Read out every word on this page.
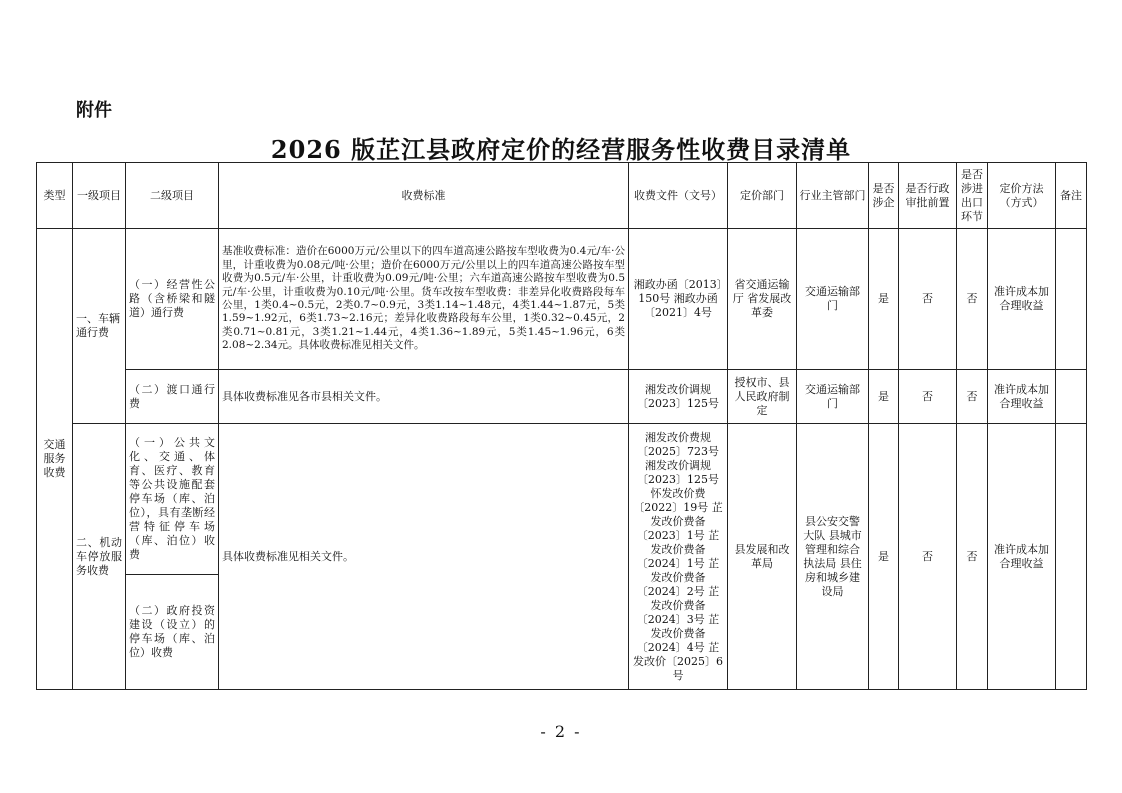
附件
2026 版芷江县政府定价的经营服务性收费目录清单
类型	一级项目	二级项目	收费标准	收费文件（文号）	定价部门	行业主管部门	是否涉企	是否行政审批前置	是否涉进出口环节	定价方法（方式）	备注
交通服务收费	一、车辆通行费	（一）经营性公路（含桥梁和隧道）通行费	基准收费标准：造价在6000万元/公里以下的四车道高速公路按车型收费为0.4元/车·公里，计重收费为0.08元/吨·公里；造价在6000万元/公里以上的四车道高速公路按车型收费为0.5元/车·公里，计重收费为0.09元/吨·公里；六车道高速公路按车型收费为0.5元/车·公里，计重收费为0.10元/吨·公里。货车改按车型收费：非差异化收费路段每车公里，1类0.4~0.5元，2类0.7~0.9元，3类1.14~1.48元，4类1.44~1.87元，5类1.59~1.92元，6类1.73~2.16元；差异化收费路段每车公里，1类0.32~0.45元，2类0.71~0.81元，3类1.21~1.44元，4类1.36~1.89元，5类1.45~1.96元，6类2.08~2.34元。具体收费标准见相关文件。	湘政办函〔2013〕150号 湘政办函〔2021〕4号	省交通运输厅 省发展改革委	交通运输部门	是	否	否	准许成本加合理收益	
		（二）渡口通行费	具体收费标准见各市县相关文件。	湘发改价调规〔2023〕125号	授权市、县人民政府制定	交通运输部门	是	否	否	准许成本加合理收益	
	二、机动车停放服务收费	（一）公共文化、交通、体育、医疗、教育等公共设施配套停车场（库、泊位），具有垄断经营特征停车场（库、泊位）收费	具体收费标准见相关文件。	湘发改价费规〔2025〕723号 湘发改价调规〔2023〕125号 怀发改价费〔2022〕19号 芷发改价费备〔2023〕1号 芷发改价费备〔2024〕1号 芷发改价费备〔2024〕2号 芷发改价费备〔2024〕3号 芷发改价费备〔2024〕4号 芷发改价〔2025〕6号	县发展和改革局	县公安交警大队 县城市管理和综合执法局 县住房和城乡建设局	是	否	否	准许成本加合理收益	
		（二）政府投资建设（设立）的停车场（库、泊位）收费									
- 2 -
